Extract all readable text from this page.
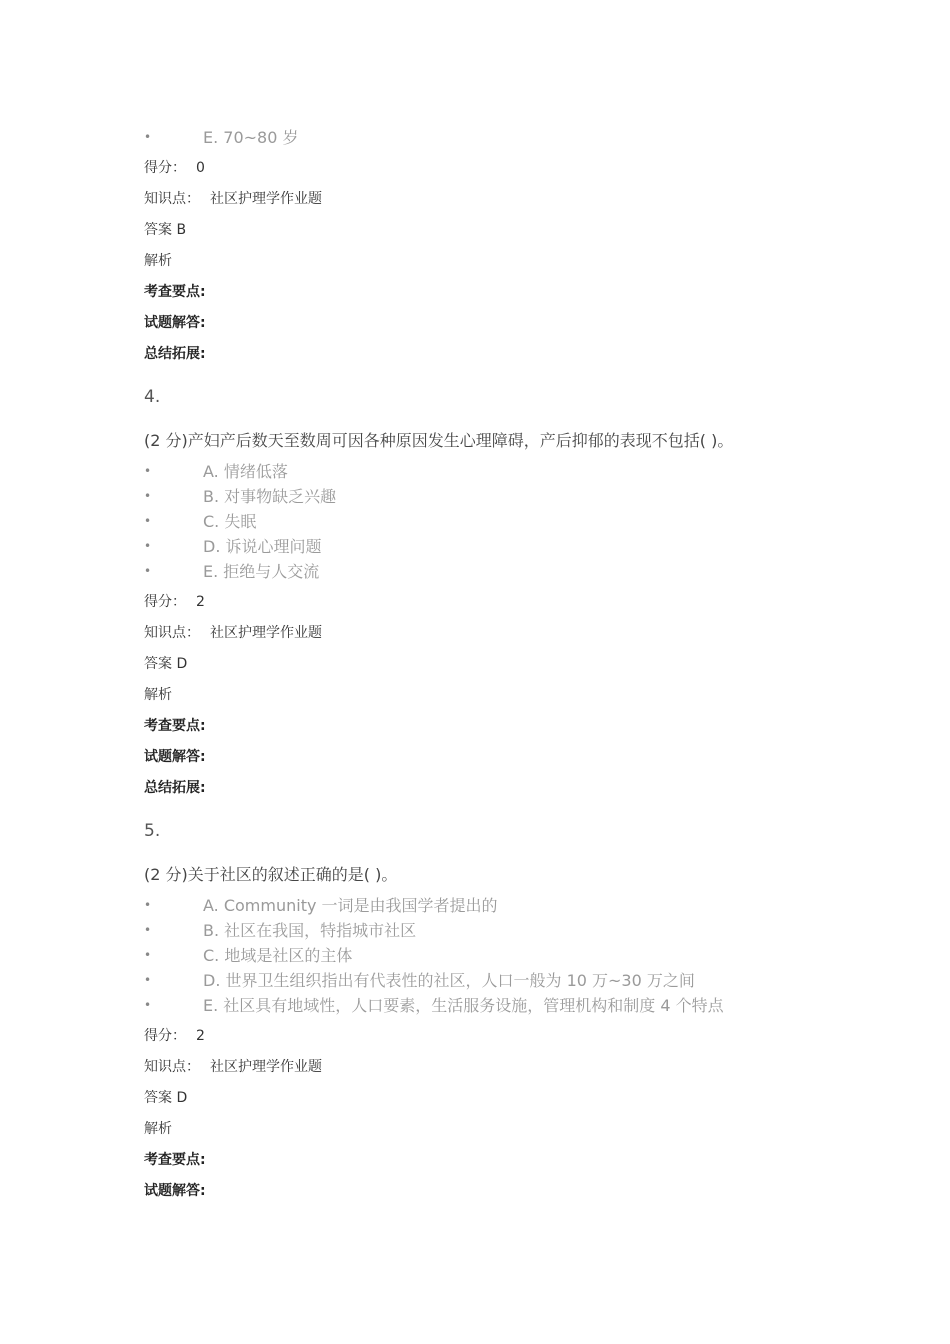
•	E. 70~80 岁
得分： 0
知识点： 社区护理学作业题
答案 B
解析
考查要点:
试题解答:
总结拓展:
4.
(2 分)产妇产后数天至数周可因各种原因发生心理障碍，产后抑郁的表现不包括( )。
•	A. 情绪低落
•	B. 对事物缺乏兴趣
•	C. 失眠
•	D. 诉说心理问题
•	E. 拒绝与人交流
得分： 2
知识点： 社区护理学作业题
答案 D
解析
考查要点:
试题解答:
总结拓展:
5.
(2 分)关于社区的叙述正确的是( )。
•	A. Community 一词是由我国学者提出的
•	B. 社区在我国，特指城市社区
•	C. 地域是社区的主体
•	D. 世界卫生组织指出有代表性的社区，人口一般为 10 万~30 万之间
•	E. 社区具有地域性，人口要素，生活服务设施，管理机构和制度 4 个特点
得分： 2
知识点： 社区护理学作业题
答案 D
解析
考查要点:
试题解答:
